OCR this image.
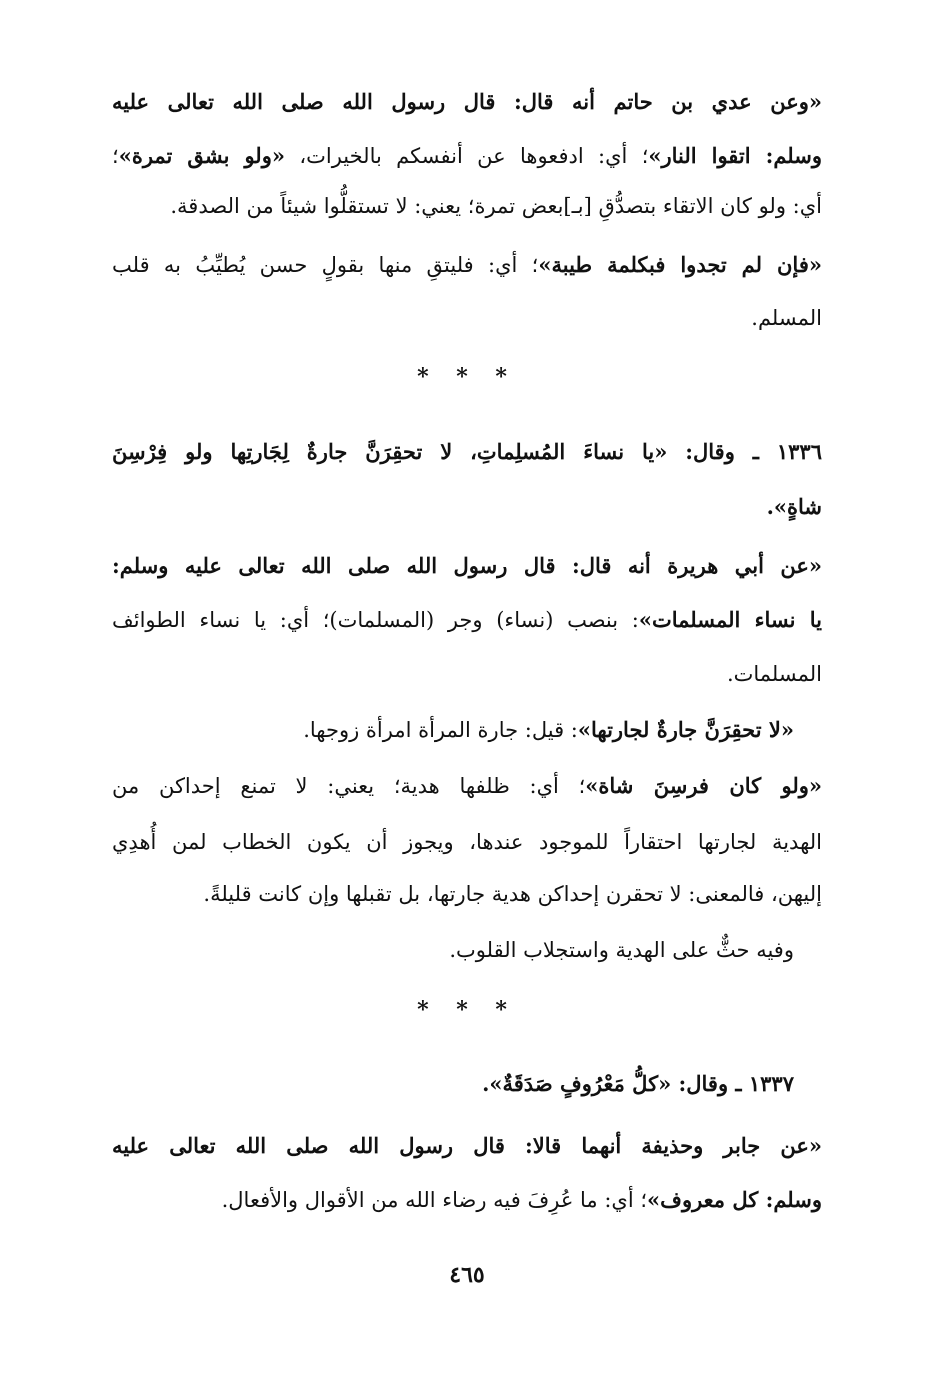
«وعن عدي بن حاتم أنه قال: قال رسول الله صلى الله تعالى عليه
وسلم: اتقوا النار»؛ أي: ادفعوها عن أنفسكم بالخيرات، «ولو بشق تمرة»؛
أي: ولو كان الاتقاء بتصدُّقِ [بـ]بعض تمرة؛ يعني: لا تستقلُّوا شيئاً من الصدقة.
«فإن لم تجدوا فبكلمة طيبة»؛ أي: فليتقِ منها بقولٍ حسن يُطيِّبُ به قلب
المسلم.
* * *
١٣٣٦ ـ وقال: «يا نساءَ المُسلِماتِ، لا تحقِرَنَّ جارةٌ لِجَارتِها ولو فِرْسِنَ
شاةٍ».
«عن أبي هريرة أنه قال: قال رسول الله صلى الله تعالى عليه وسلم:
يا نساء المسلمات»: بنصب (نساء) وجر (المسلمات)؛ أي: يا نساء الطوائف
المسلمات.
«لا تحقِرَنَّ جارةٌ لجارتها»: قيل: جارة المرأة امرأة زوجها.
«ولو كان فرسِنَ شاة»؛ أي: ظلفها هدية؛ يعني: لا تمنع إحداكن من
الهدية لجارتها احتقاراً للموجود عندها، ويجوز أن يكون الخطاب لمن أُهدِي
إليهن، فالمعنى: لا تحقرن إحداكن هدية جارتها، بل تقبلها وإن كانت قليلةً.
وفيه حثٌّ على الهدية واستجلاب القلوب.
* * *
١٣٣٧ ـ وقال: «كلُّ مَعْرُوفٍ صَدَقَةٌ».
«عن جابر وحذيفة أنهما قالا: قال رسول الله صلى الله تعالى عليه
وسلم: كل معروف»؛ أي: ما عُرِفَ فيه رضاء الله من الأقوال والأفعال.
٤٦٥
